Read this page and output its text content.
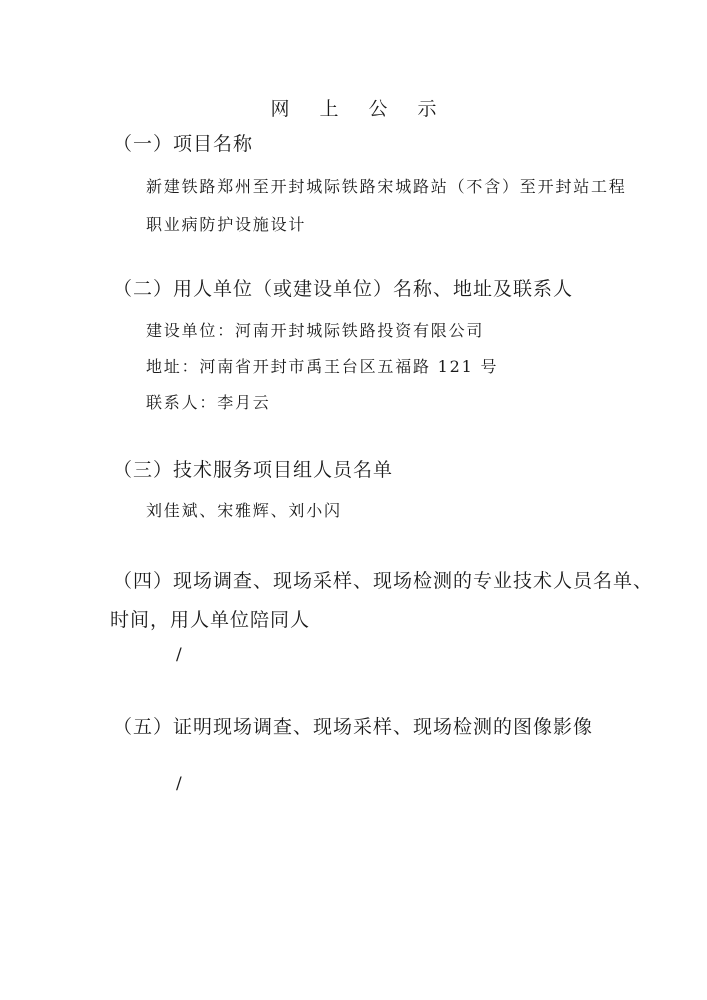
网 上 公 示
（一）项目名称
新建铁路郑州至开封城际铁路宋城路站（不含）至开封站工程
职业病防护设施设计
（二）用人单位（或建设单位）名称、地址及联系人
建设单位：河南开封城际铁路投资有限公司
地址：河南省开封市禹王台区五福路 121 号
联系人：李月云
（三）技术服务项目组人员名单
刘佳斌、宋雅辉、刘小闪
（四）现场调查、现场采样、现场检测的专业技术人员名单、
时间，用人单位陪同人
/
（五）证明现场调查、现场采样、现场检测的图像影像
/
